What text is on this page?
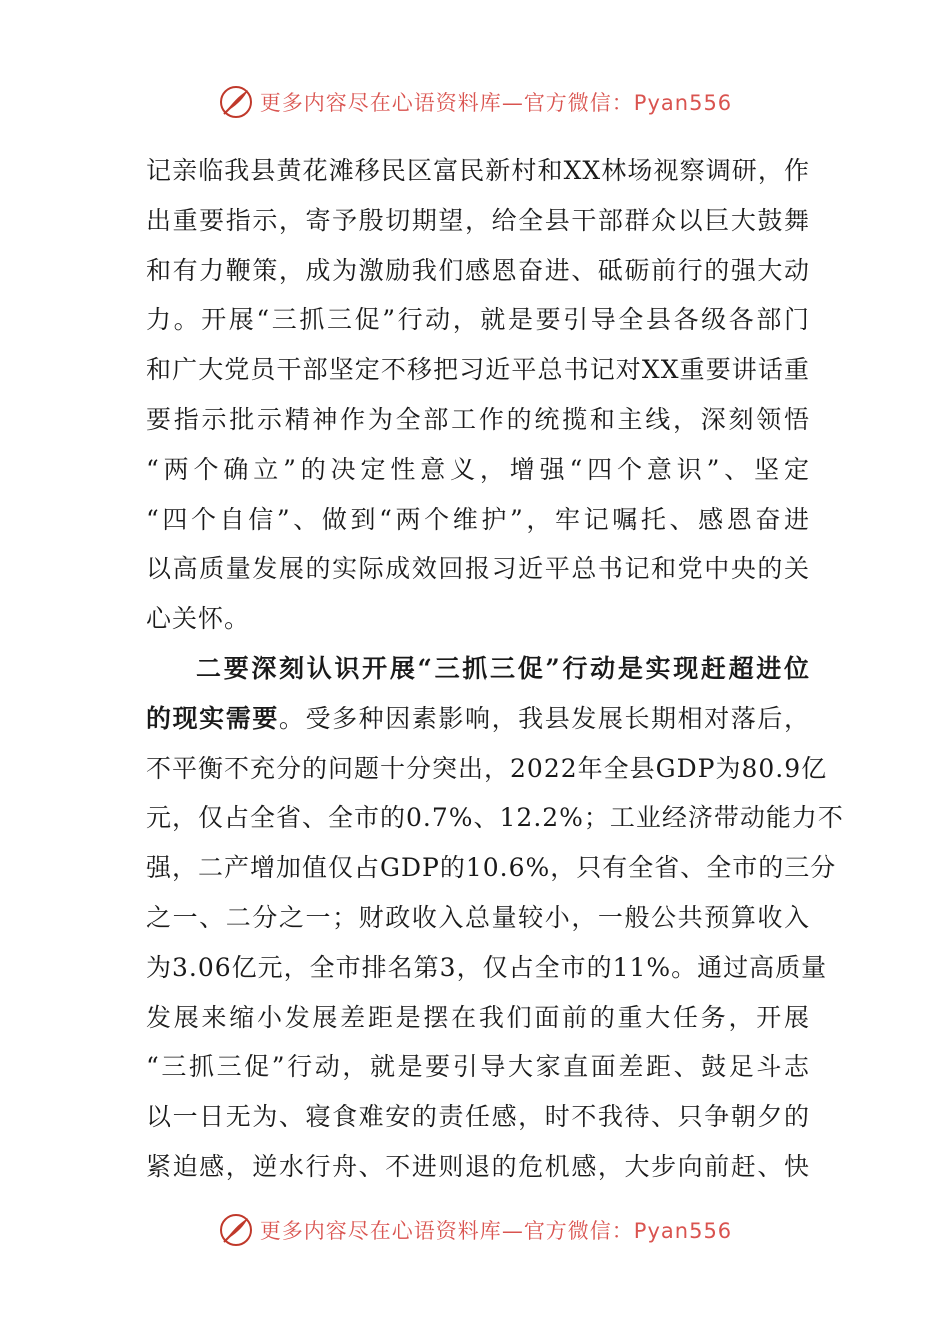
更多内容尽在心语资料库—官方微信：Pyan556
记亲临我县黄花滩移民区富民新村和XX林场视察调研，作
出重要指示，寄予殷切期望，给全县干部群众以巨大鼓舞
和有力鞭策，成为激励我们感恩奋进、砥砺前行的强大动
力。开展“三抓三促”行动，就是要引导全县各级各部门
和广大党员干部坚定不移把习近平总书记对XX重要讲话重
要指示批示精神作为全部工作的统揽和主线，深刻领悟
“两个确立”的决定性意义，增强“四个意识”、坚定
“四个自信”、做到“两个维护”，牢记嘱托、感恩奋进
以高质量发展的实际成效回报习近平总书记和党中央的关
心关怀。
二要深刻认识开展“三抓三促”行动是实现赶超进位
的现实需要。受多种因素影响，我县发展长期相对落后，
不平衡不充分的问题十分突出，2022年全县GDP为80.9亿
元，仅占全省、全市的0.7%、12.2%；工业经济带动能力不
强，二产增加值仅占GDP的10.6%，只有全省、全市的三分
之一、二分之一；财政收入总量较小，一般公共预算收入
为3.06亿元，全市排名第3，仅占全市的11%。通过高质量
发展来缩小发展差距是摆在我们面前的重大任务，开展
“三抓三促”行动，就是要引导大家直面差距、鼓足斗志
以一日无为、寝食难安的责任感，时不我待、只争朝夕的
紧迫感，逆水行舟、不进则退的危机感，大步向前赶、快
更多内容尽在心语资料库—官方微信：Pyan556
